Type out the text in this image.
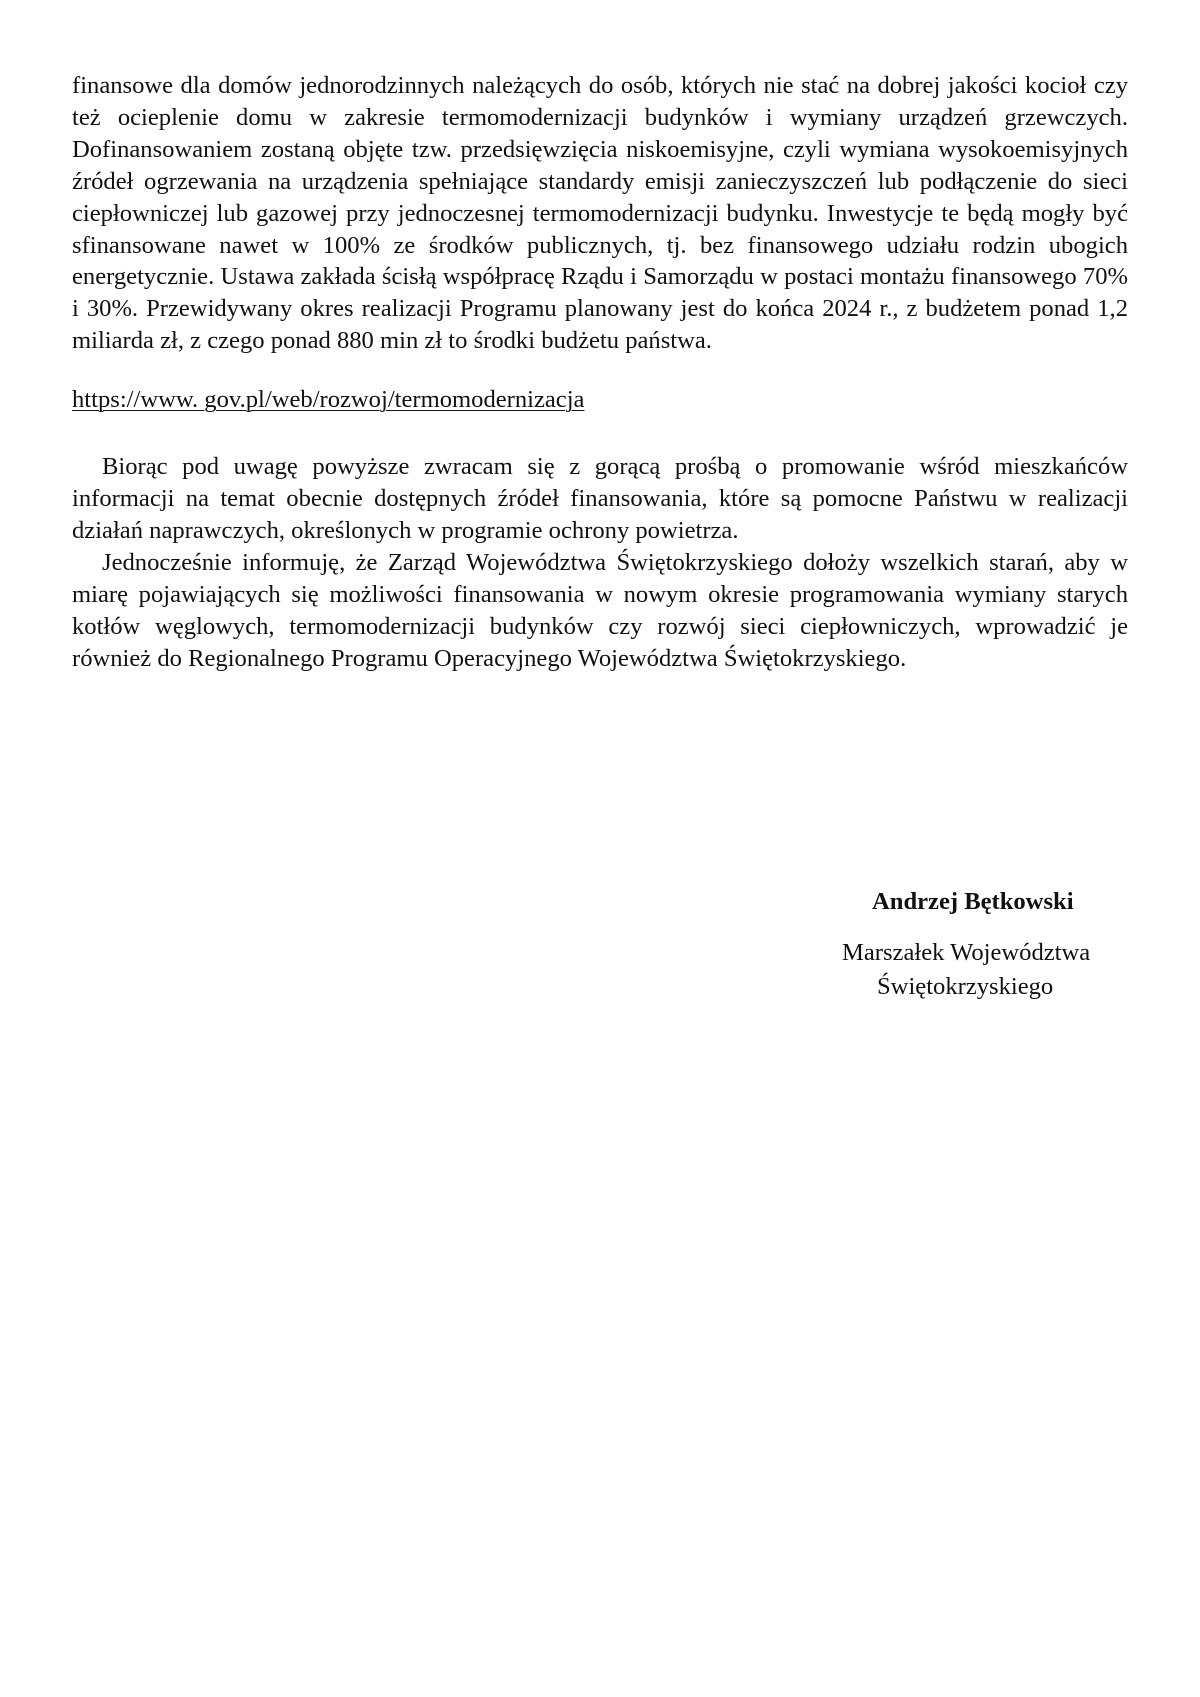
finansowe dla domów jednorodzinnych należących do osób, których nie stać na dobrej jakości kocioł czy też ocieplenie domu w zakresie termomodernizacji budynków i wymiany urządzeń grzewczych. Dofinansowaniem zostaną objęte tzw. przedsięwzięcia niskoemisyjne, czyli wymiana wysokoemisyjnych źródeł ogrzewania na urządzenia spełniające standardy emisji zanieczyszczeń lub podłączenie do sieci ciepłowniczej lub gazowej przy jednoczesnej termomodernizacji budynku. Inwestycje te będą mogły być sfinansowane nawet w 100% ze środków publicznych, tj. bez finansowego udziału rodzin ubogich energetycznie. Ustawa zakłada ścisłą współpracę Rządu i Samorządu w postaci montażu finansowego 70% i 30%. Przewidywany okres realizacji Programu planowany jest do końca 2024 r., z budżetem ponad 1,2 miliarda zł, z czego ponad 880 min zł to środki budżetu państwa.

https://www. gov.pl/web/rozwoj/termomodernizacja

Biorąc pod uwagę powyższe zwracam się z gorącą prośbą o promowanie wśród mieszkańców informacji na temat obecnie dostępnych źródeł finansowania, które są pomocne Państwu w realizacji działań naprawczych, określonych w programie ochrony powietrza.

Jednocześnie informuję, że Zarząd Województwa Świętokrzyskiego dołoży wszelkich starań, aby w miarę pojawiających się możliwości finansowania w nowym okresie programowania wymiany starych kotłów węglowych, termomodernizacji budynków czy rozwój sieci ciepłowniczych, wprowadzić je również do Regionalnego Programu Operacyjnego Województwa Świętokrzyskiego.

Andrzej Bętkowski
Marszałek Województwa
Świętokrzyskiego
